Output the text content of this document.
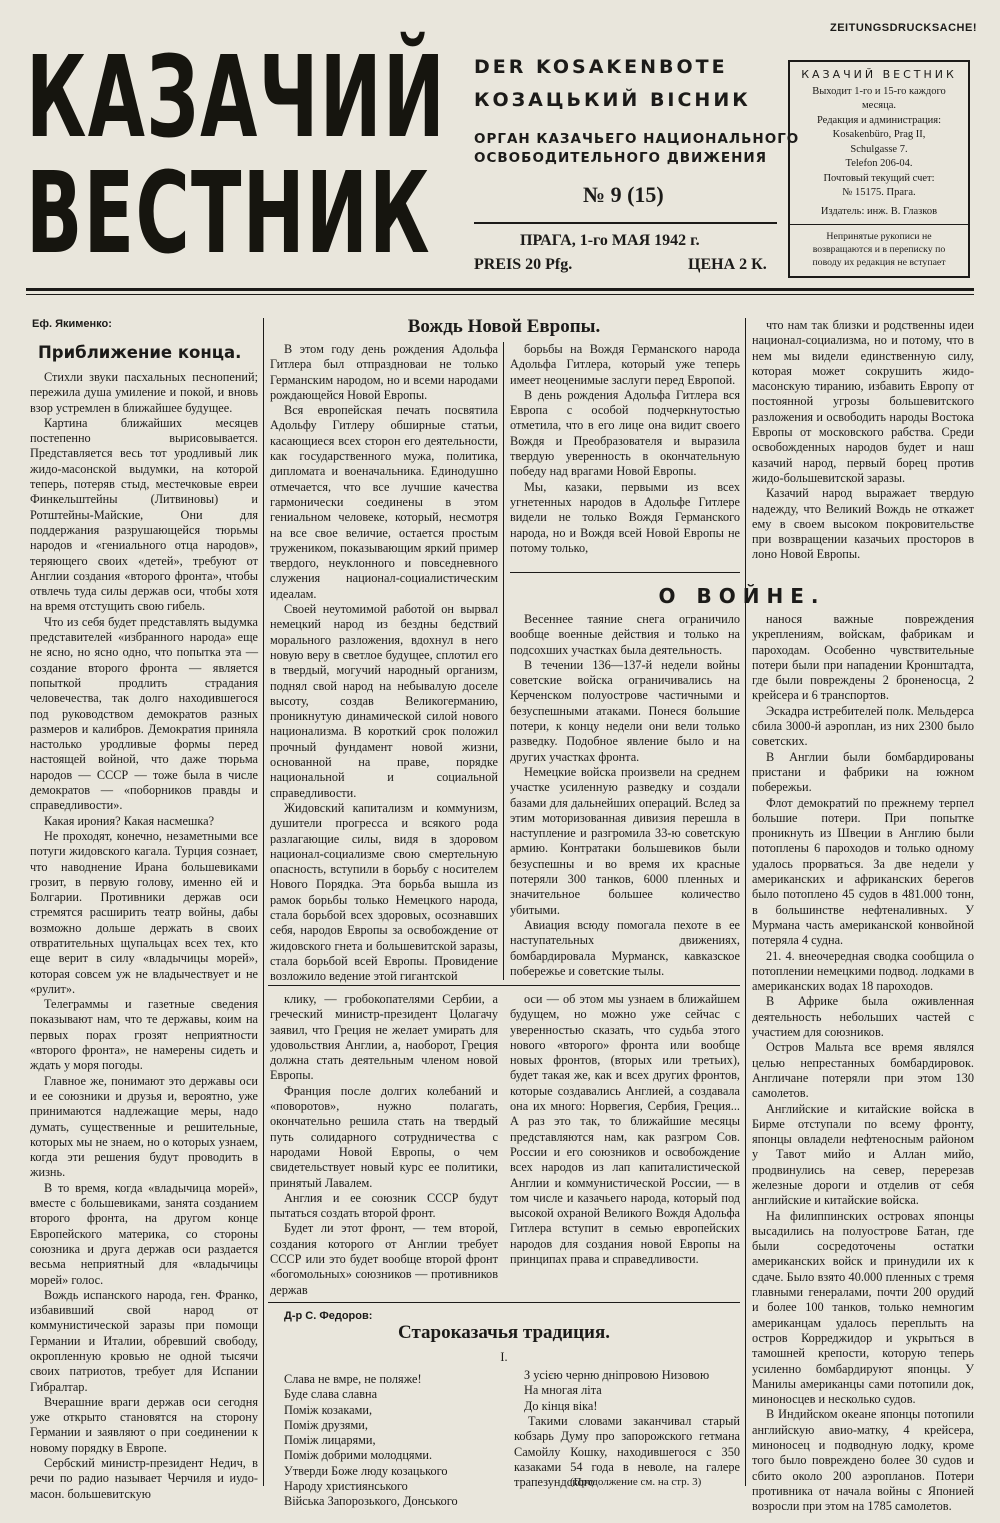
ZEITUNGSDRUCKSACHE!
КАЗАЧИЙ
ВЕСТНИК
DER KOSAKENBOTE
КОЗАЦЬКИЙ ВІСНИК
ОРГАН КАЗАЧЬЕГО НАЦИОНАЛЬНОГО
ОСВОБОДИТЕЛЬНОГО ДВИЖЕНИЯ
№ 9 (15)
ПРАГА, 1-го МАЯ 1942 г.
PREIS 20 Pfg.	ЦЕНА 2 К.
КАЗАЧИЙ ВЕСТНИК
Выходит 1-го и 15-го каждого
месяца.
Редакция и администрация:
Kosakenbüro, Prag II,
Schulgasse 7.
Telefon 206-04.
Почтовый текущий счет:
№ 15175. Прага.
Издатель: инж. В. Глазков
Непринятые рукописи не возвращаются и в переписку по поводу их редакция не вступает
Еф. Якименко:
Приближение конца.

Стихли звуки пасхальных песнопений; пережила душа умиление и покой, и вновь взор устремлен в ближайшее будущее.

Картина ближайших месяцев постепенно вырисовывается. Представляется весь тот уродливый лик жидо-масонской выдумки, на которой теперь, потеряв стыд, местечковые евреи Финкельштейны (Литвиновы) и Ротштейны-Майские, Они для поддержания разрушающейся тюрьмы народов и «гениального отца народов», теряющего своих «детей», требуют от Англии создания «второго фронта», чтобы отвлечь туда силы держав оси, чтобы хотя на время отстущить свою гибель.

Что из себя будет представлять выдумка представителей «избранного народа» еще не ясно, но ясно одно, что попытка эта — создание второго фронта — является попыткой продлить страдания человечества, так долго находившегося под руководством демократов разных размеров и калибров. Демократия приняла настолько уродливые формы перед настоящей войной, что даже тюрьма народов — СССР — тоже была в числе демократов — «поборников правды и справедливости».

Какая ирония? Какая насмешка?

Не проходят, конечно, незаметными все потуги жидовского кагала. Турция сознает, что наводнение Ирана большевиками грозит, в первую голову, именно ей и Болгарии. Противники держав оси стремятся расширить театр войны, дабы возможно дольше держать в своих отвратительных щупальцах всех тех, кто еще верит в силу «владычицы морей», которая совсем уж не владычествует и не «рулит».

Телеграммы и газетные сведения показывают нам, что те державы, коим на первых порах грозят неприятности «второго фронта», не намерены сидеть и ждать у моря погоды.

Главное же, понимают это державы оси и ее союзники и друзья и, вероятно, уже принимаются надлежащие меры, надо думать, существенные и решительные, которых мы не знаем, но о которых узнаем, когда эти решения будут проводить в жизнь.

В то время, когда «владычица морей», вместе с большевиками, занята созданием второго фронта, на другом конце Европейского материка, со стороны союзника и друга держав оси раздается весьма неприятный для «владычицы морей» голос.

Вождь испанского народа, ген. Франко, избавивший свой народ от коммунистической заразы при помощи Германии и Италии, обревший свободу, окропленную кровью не одной тысячи своих патриотов, требует для Испании Гибралтар.

Вчерашние враги держав оси сегодня уже открыто становятся на сторону Германии и заявляют о при соединении к новому порядку в Европе.

Сербский министр-президент Недич, в речи по радио называет Черчиля и иудо-масон. большевитскую

Вождь Новой Европы.

В этом году день рождения Адольфа Гитлера был отпраздноваи не только Германским народом, но и всеми народами рождающейся Новой Европы.

Вся европейская печать посвятила Адольфу Гитлеру обширные статьи, касающиеся всех сторон его деятельности, как государственного мужа, политика, дипломата и военачальника. Единодушно отмечается, что все лучшие качества гармонически соединены в этом гениальном человеке, который, несмотря на все свое величие, остается простым тружеником, показывающим яркий пример твердого, неуклонного и повседневного служения национал-социалистическим идеалам.

Своей неутомимой работой он вырвал немецкий народ из бездны бедствий морального разложения, вдохнул в него новую веру в светлое будущее, сплотил его в твердый, могучий народный организм, поднял свой народ на небывалую доселе высоту, создав Великогерманию, проникнутую динамической силой нового национализма. В короткий срок положил прочный фундамент новой жизни, основанной на праве, порядке национальной и социальной справедливости.

Жидовский капитализм и коммунизм, душители прогресса и всякого рода разлагающие силы, видя в здоровом национал-социализме свою смертельную опасность, вступили в борьбу с носителем Нового Порядка. Эта борьба вышла из рамок борьбы только Немецкого народа, стала борьбой всех здоровых, осознавших себя, народов Европы за освобождение от жидовского гнета и большевитской заразы, стала борьбой всей Европы. Провидение возложило ведение этой гигантской

борьбы на Вождя Германского народа Адольфа Гитлера, который уже теперь имеет неоценимые заслуги перед Европой.

В день рождения Адольфа Гитлера вся Европа с особой подчеркнутостью отметила, что в его лице она видит своего Вождя и Преобразователя и выразила твердую уверенность в окончательную победу над врагами Новой Европы.

Мы, казаки, первыми из всех угнетенных народов в Адольфе Гитлере видели не только Вождя Германского народа, но и Вождя всей Новой Европы не потому только,

что нам так близки и родственны идеи национал-социализма, но и потому, что в нем мы видели единственную силу, которая может сокрушить жидо-масонскую тиранию, избавить Европу от постоянной угрозы большевитского разложения и освободить народы Востока Европы от московского рабства. Среди освобожденных народов будет и наш казачий народ, первый борец против жидо-большевитской заразы.

Казачий народ выражает твердую надежду, что Великий Вождь не откажет ему в своем высоком покровительстве при возвращении казачьих просторов в лоно Новой Европы.

О ВОЙНЕ.

Весеннее таяние снега ограничило вообще военные действия и только на подсохших участках была деятельность.

В течении 136—137-й недели войны советские войска ограничивались на Керченском полуострове частичными и безуспешными атаками. Понеся большие потери, к концу недели они вели только разведку. Подобное явление было и на других участках фронта.

Немецкие войска произвели на среднем участке усиленную разведку и создали базами для дальнейших операций. Вслед за этим моторизованная дивизия перешла в наступление и разгромила 33-ю советскую армию. Контратаки большевиков были безуспешны и во время их красные потеряли 300 танков, 6000 пленных и значительное большее количество убитыми.

Авиация всюду помогала пехоте в ее наступательных движениях, бомбардировала Мурманск, кавказское побережье и советские тылы.

нанося важные повреждения укреплениям, войскам, фабрикам и пароходам. Особенно чувствительные потери были при нападении Кронштадта, где были повреждены 2 броненосца, 2 крейсера и 6 транспортов.

Эскадра истребителей полк. Мельдерса сбила 3000-й аэроплан, из них 2300 было советских.

В Англии были бомбардированы пристани и фабрики на южном побережьи.

Флот демократий по прежнему терпел большие потери. При попытке проникнуть из Швеции в Англию были потоплены 6 пароходов и только одному удалось прорваться. За две недели у американских и африканских берегов было потоплено 45 судов в 481.000 тонн, в большинстве нефтеналивных. У Мурмана часть американской конвойной потеряла 4 судна.

21. 4. внеочередная сводка сообщила о потоплении немецкими подвод. лодками в американских водах 18 пароходов.

В Африке была оживленная деятельность небольших частей с участием для союзников.

Остров Мальта все время являлся целью непрестанных бомбардировок. Англичане потеряли при этом 130 самолетов.

Английские и китайские войска в Бирме отступали по всему фронту, японцы овладели нефтеносным районом у Тавот мийо и Аллан мийо, продвинулись на север, перерезав железные дороги и отделив от себя английские и китайские войска.

На филиппинских островах японцы высадились на полуострове Батан, где были сосредоточены остатки американских войск и принудили их к сдаче. Было взято 40.000 пленных с тремя главными генералами, почти 200 орудий и более 100 танков, только немногим американцам удалось переплыть на остров Корреджидор и укрыться в тамошней крепости, которую теперь усиленно бомбардируют японцы. У Манилы американцы сами потопили док, миноносцев и несколько судов.

В Индийском океане японцы потопили английскую авио-матку, 4 крейсера, миноносец и подводную лодку, кроме того было повреждено более 30 судов и сбито около 200 аэропланов. Потери противника от начала войны с Японией возросли при этом на 1785 самолетов.

клику, — гробокопателями Сербии, а греческий министр-президент Цолагачу заявил, что Греция не желает умирать для удовольствия Англии, а, наоборот, Греция должна стать деятельным членом новой Европы.

Франция после долгих колебаний и «поворотов», нужно полагать, окончательно решила стать на твердый путь солидарного сотрудничества с народами Новой Европы, о чем свидетельствует новый курс ее политики, принятый Лавалем.

Англия и ее союзник СССР будут пытаться создать второй фронт.

Будет ли этот фронт, — тем второй, создания которого от Англии требует СССР или это будет вообще второй фронт «богомольных» союзников — противников держав

оси — об этом мы узнаем в ближайшем будущем, но можно уже сейчас с уверенностью сказать, что судьба этого нового «второго» фронта или вообще новых фронтов, (вторых или третьих), будет такая же, как и всех других фронтов, которые создавались Англией, а создавала она их много: Норвегия, Сербия, Греция... А раз это так, то ближайшие месяцы представляются нам, как разгром Сов. России и его союзников и освобождение всех народов из лап капиталистической Англии и коммунистической России, — в том числе и казачьего народа, который под высокой охраной Великого Вождя Адольфа Гитлера вступит в семью европейских народов для создания новой Европы на принципах права и справедливости.

Д-р С. Федоров:
Староказачья традиция.
I.
Слава не вмре, не поляже!
Буде слава славна
Поміж козаками,
Поміж друзями,
Поміж лицарями,
Поміж добрими молодцями.
Утверди Боже люду козацького
Народу християнського
Війська Запорозького, Донського
З усією черню дніпровою Низовою
На многая літа
До кінця віка!

Такими словами заканчивал старый кобзарь Думу про запорожского гетмана Самойлу Кошку, находившегося с 350 казаками 54 года в неволе, на галере трапезундского

(Продолжение см. на стр. 3)
